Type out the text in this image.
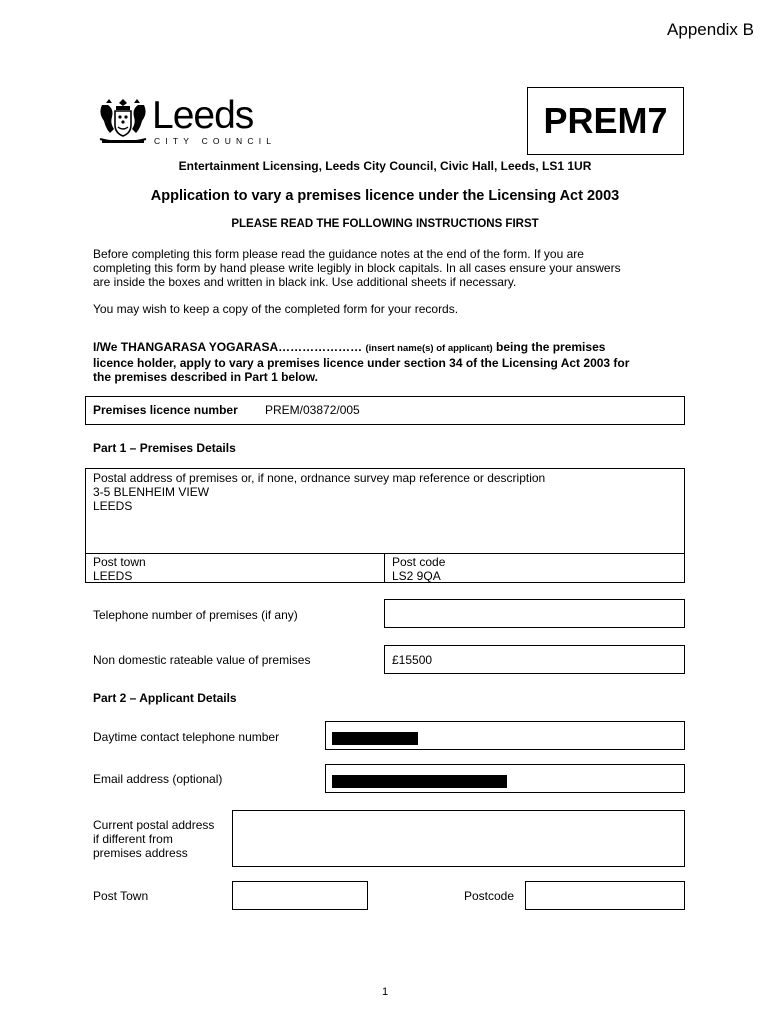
Appendix B
Leeds
CITY COUNCIL	PREM7
Entertainment Licensing, Leeds City Council, Civic Hall, Leeds, LS1 1UR
Application to vary a premises licence under the Licensing Act 2003
PLEASE READ THE FOLLOWING INSTRUCTIONS FIRST
Before completing this form please read the guidance notes at the end of the form. If you are
completing this form by hand please write legibly in block capitals. In all cases ensure your answers
are inside the boxes and written in black ink. Use additional sheets if necessary.
You may wish to keep a copy of the completed form for your records.
I/We THANGARASA YOGARASA………………… (insert name(s) of applicant) being the premises
licence holder, apply to vary a premises licence under section 34 of the Licensing Act 2003 for
the premises described in Part 1 below.
Premises licence number PREM/03872/005
Part 1 – Premises Details
Postal address of premises or, if none, ordnance survey map reference or description
3-5 BLENHEIM VIEW
LEEDS
Post town
LEEDS
Post code
LS2 9QA
Telephone number of premises (if any)
Non domestic rateable value of premises	£15500
Part 2 – Applicant Details
Daytime contact telephone number
Email address (optional)
Current postal address
if different from
premises address
Post Town	Postcode
1
